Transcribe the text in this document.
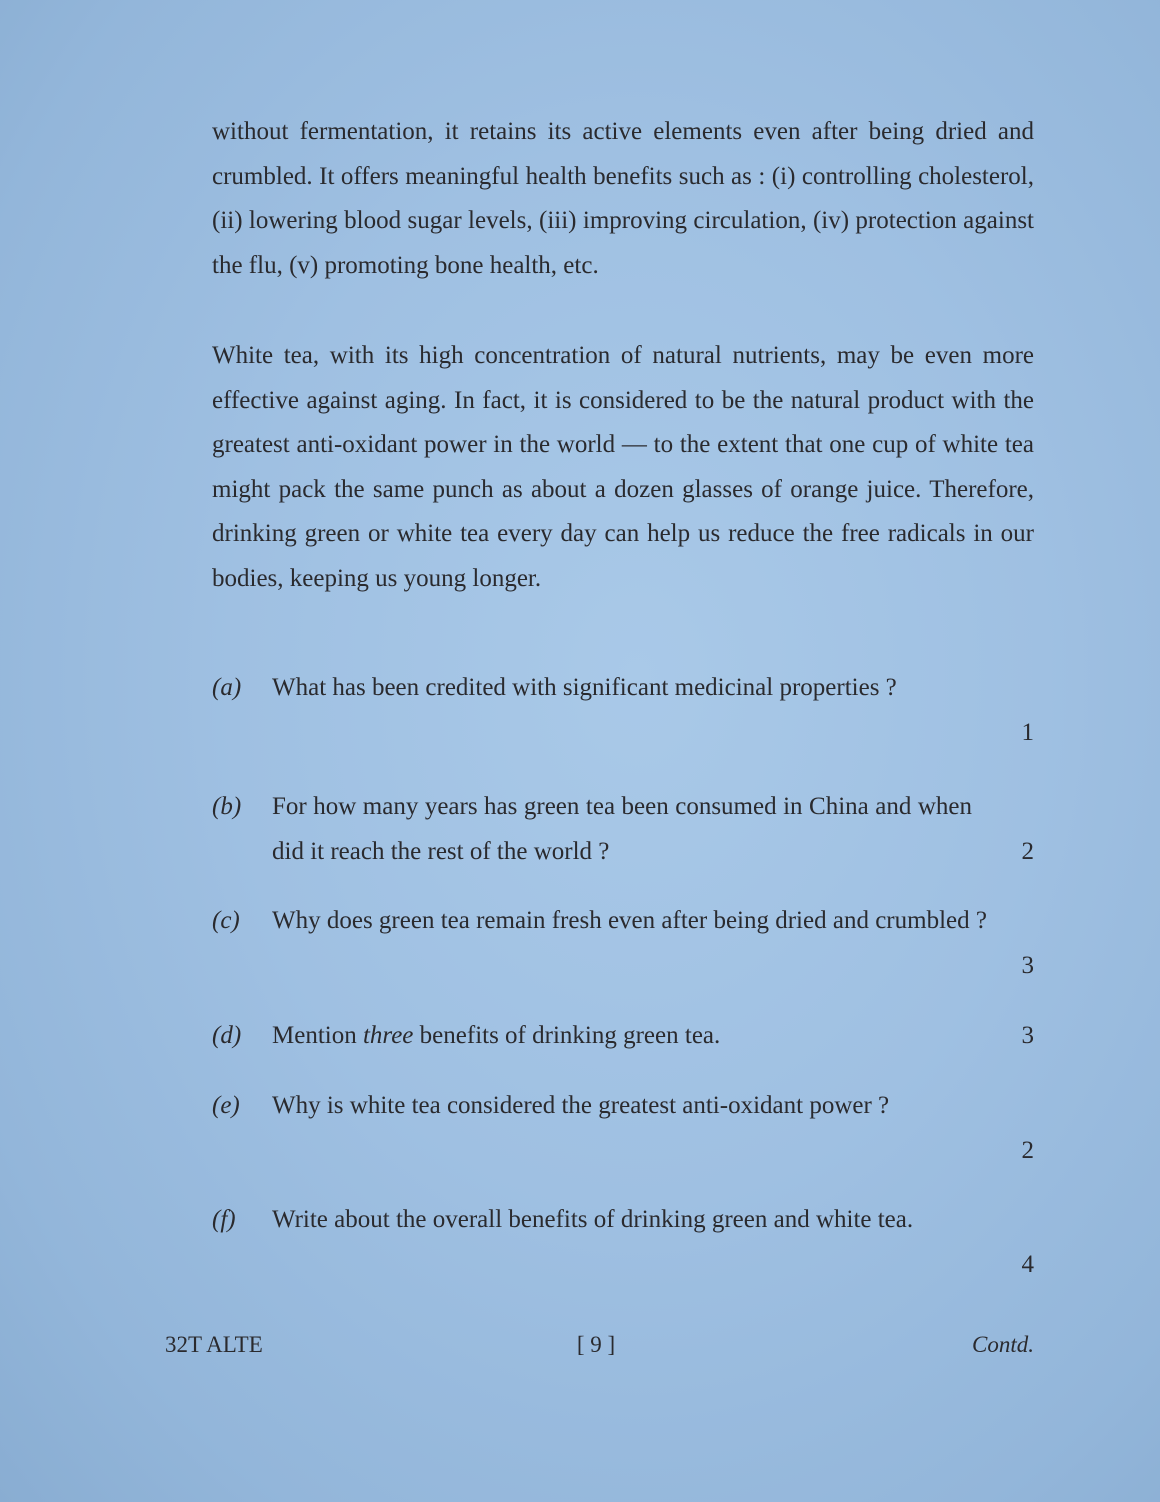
without fermentation, it retains its active elements even after being dried and crumbled. It offers meaningful health benefits such as : (i) controlling cholesterol, (ii) lowering blood sugar levels, (iii) improving circulation, (iv) protection against the flu, (v) promoting bone health, etc.

White tea, with its high concentration of natural nutrients, may be even more effective against aging. In fact, it is considered to be the natural product with the greatest anti-oxidant power in the world — to the extent that one cup of white tea might pack the same punch as about a dozen glasses of orange juice. Therefore, drinking green or white tea every day can help us reduce the free radicals in our bodies, keeping us young longer.

(a)	What has been credited with significant medicinal properties ?
1
(b)	For how many years has green tea been consumed in China and when did it reach the rest of the world ?	2
(c)	Why does green tea remain fresh even after being dried and crumbled ?
3
(d)	Mention three benefits of drinking green tea.	3
(e)	Why is white tea considered the greatest anti-oxidant power ?
2
(f)	Write about the overall benefits of drinking green and white tea.
4
32T ALTE	[ 9 ]	Contd.
